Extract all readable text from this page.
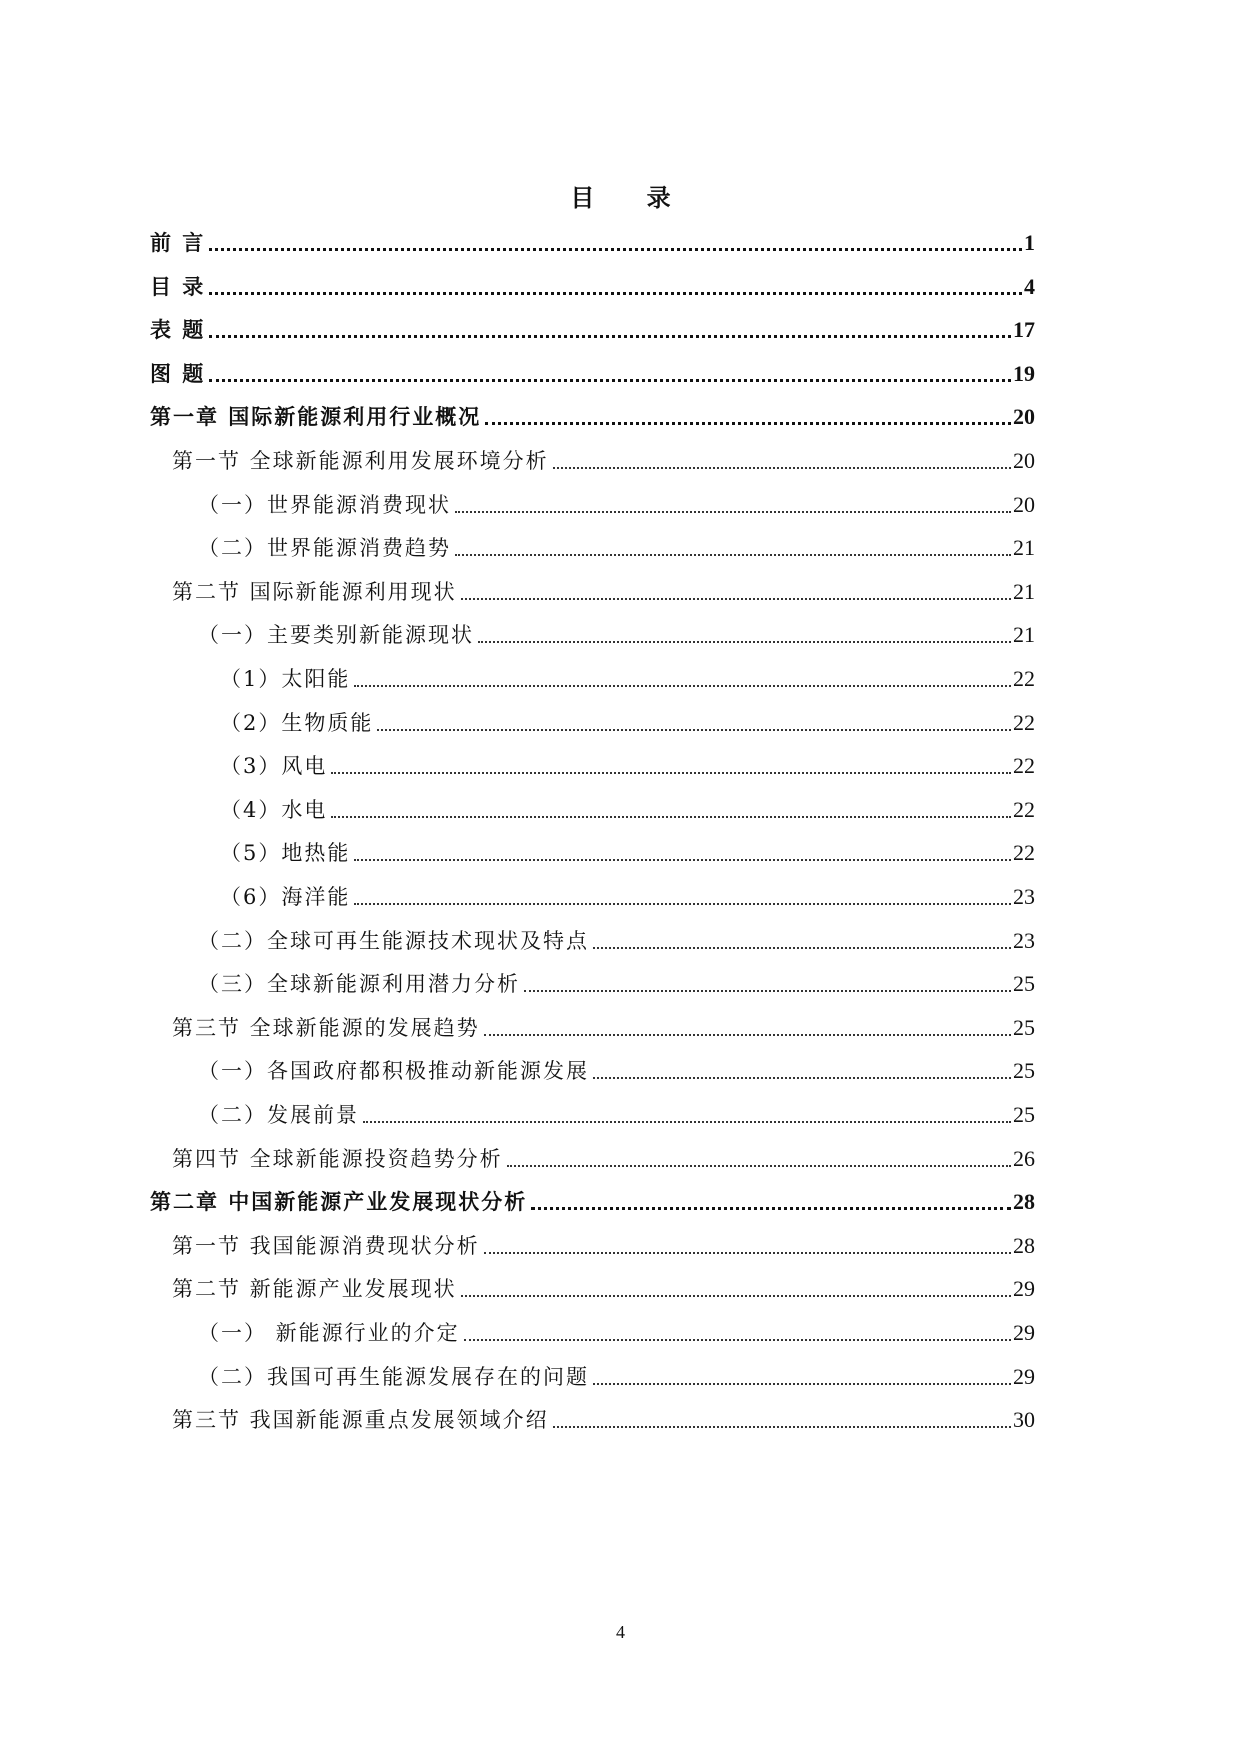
目 录
前 言	1
目 录	4
表 题	17
图 题	19
第一章 国际新能源利用行业概况	20
第一节 全球新能源利用发展环境分析	20
（一）世界能源消费现状	20
（二）世界能源消费趋势	21
第二节 国际新能源利用现状	21
（一）主要类别新能源现状	21
（1）太阳能	22
（2）生物质能	22
（3）风电	22
（4）水电	22
（5）地热能	22
（6）海洋能	23
（二）全球可再生能源技术现状及特点	23
（三）全球新能源利用潜力分析	25
第三节 全球新能源的发展趋势	25
（一）各国政府都积极推动新能源发展	25
（二）发展前景	25
第四节 全球新能源投资趋势分析	26
第二章 中国新能源产业发展现状分析	28
第一节 我国能源消费现状分析	28
第二节 新能源产业发展现状	29
（一） 新能源行业的介定	29
（二）我国可再生能源发展存在的问题	29
第三节 我国新能源重点发展领域介绍	30
4
